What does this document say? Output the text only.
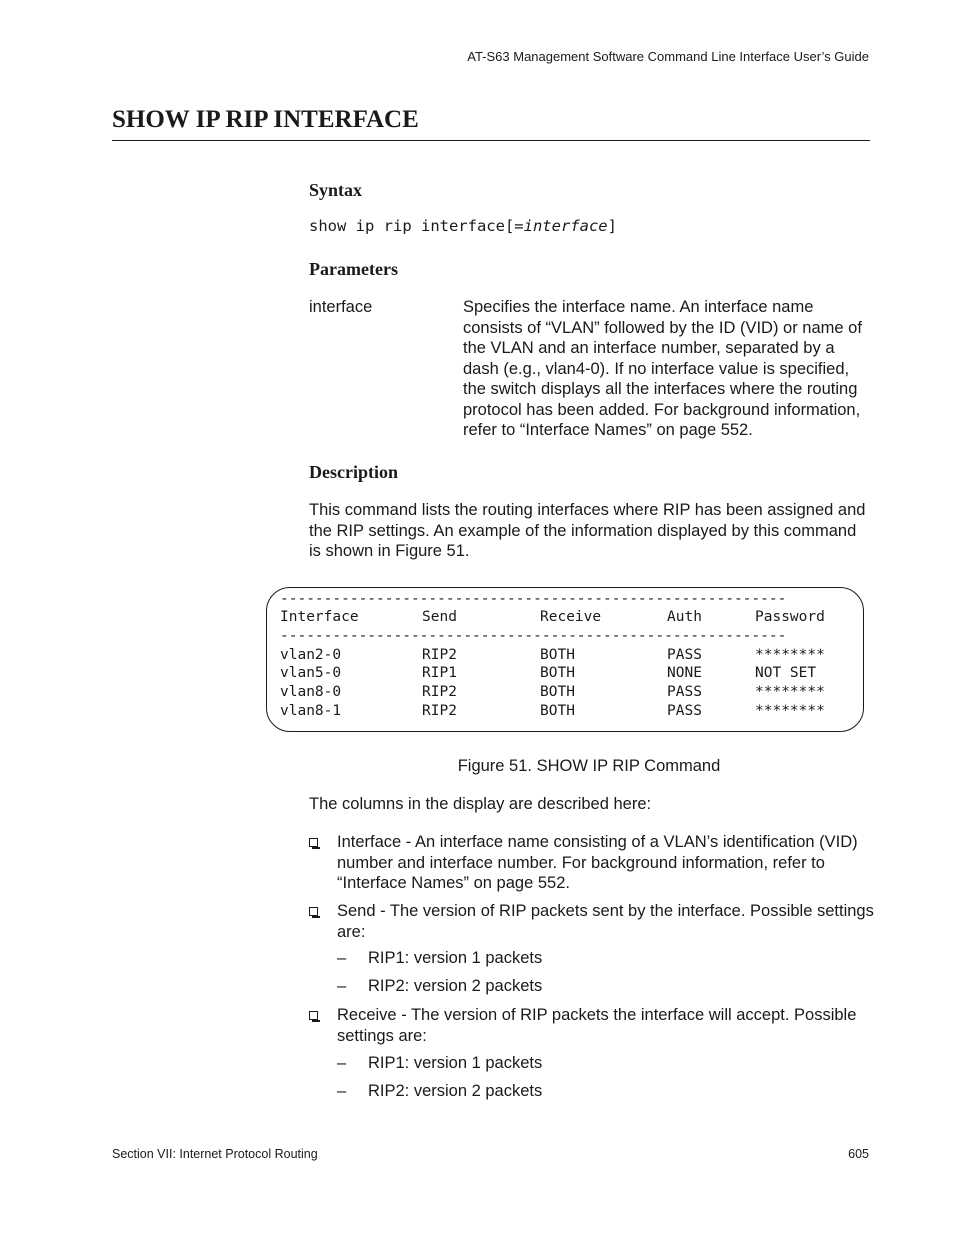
AT-S63 Management Software Command Line Interface User’s Guide
SHOW IP RIP INTERFACE
Syntax
show ip rip interface[=interface]
Parameters
interface	Specifies the interface name. An interface name consists of “VLAN” followed by the ID (VID) or name of the VLAN and an interface number, separated by a dash (e.g., vlan4-0). If no interface value is specified, the switch displays all the interfaces where the routing protocol has been added. For background information, refer to “Interface Names” on page 552.
Description
This command lists the routing interfaces where RIP has been assigned and the RIP settings. An example of the information displayed by this command is shown in Figure 51.
----------------------------------------------------------
Interface	Send	Receive	Auth	Password
----------------------------------------------------------
vlan2-0	RIP2	BOTH	PASS	********
vlan5-0	RIP1	BOTH	NONE	NOT SET
vlan8-0	RIP2	BOTH	PASS	********
vlan8-1	RIP2	BOTH	PASS	********
Figure 51. SHOW IP RIP Command
The columns in the display are described here:
Interface - An interface name consisting of a VLAN’s identification (VID) number and interface number. For background information, refer to “Interface Names” on page 552.
Send - The version of RIP packets sent by the interface. Possible settings are:
– RIP1: version 1 packets
– RIP2: version 2 packets
Receive - The version of RIP packets the interface will accept. Possible settings are:
– RIP1: version 1 packets
– RIP2: version 2 packets
Section VII: Internet Protocol Routing	605
